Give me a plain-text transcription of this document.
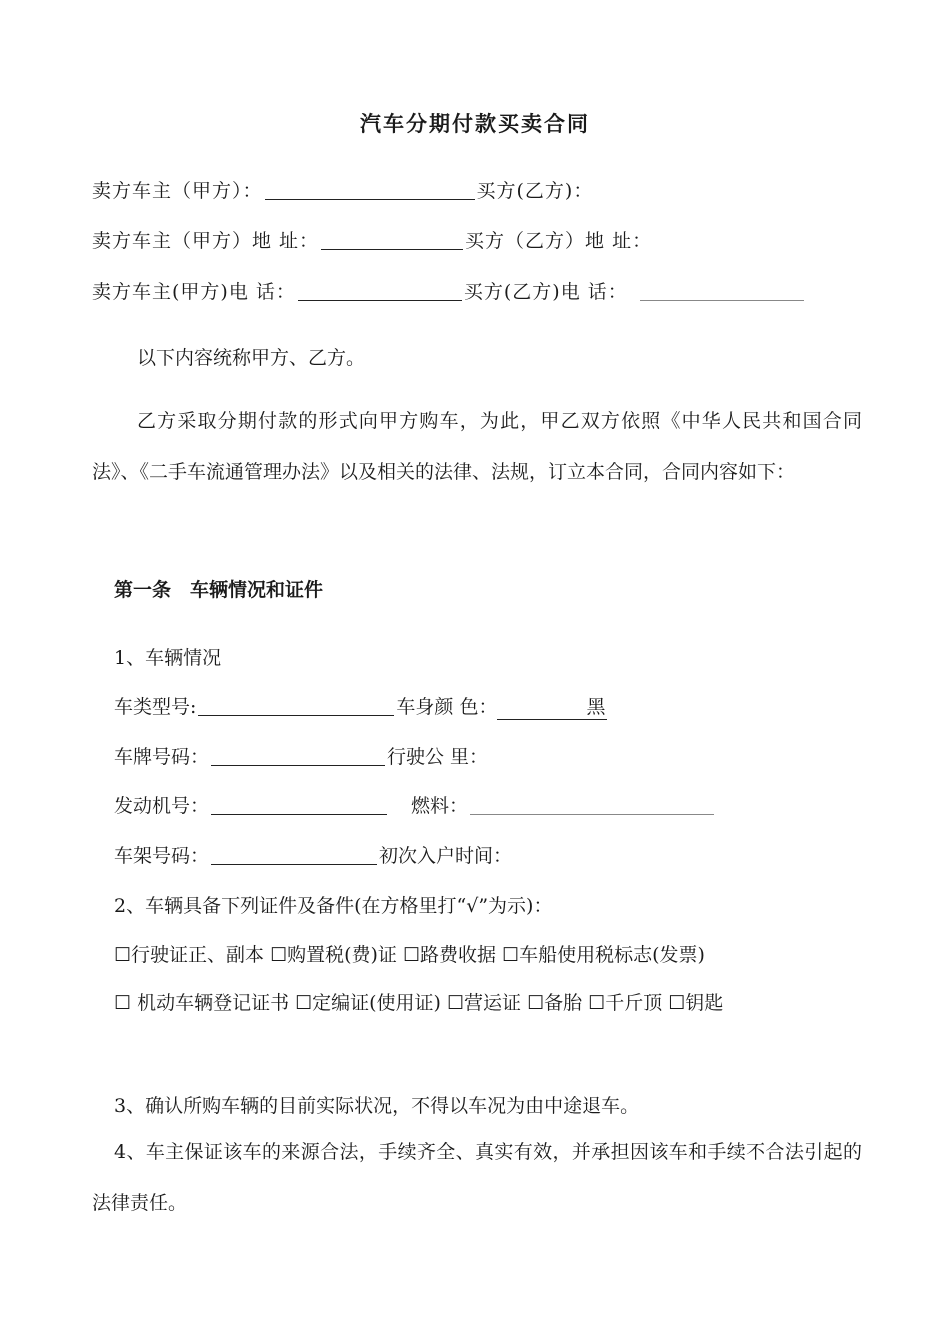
汽车分期付款买卖合同
卖方车主（甲方）：	买方(乙方)：
卖方车主（甲方）地 址：	买方（乙方）地 址：
卖方车主(甲方)电 话：	买方(乙方)电 话：
以下内容统称甲方、乙方。
乙方采取分期付款的形式向甲方购车，为此，甲乙双方依照《中华人民共和国合同法》、《二手车流通管理办法》以及相关的法律、法规，订立本合同，合同内容如下：
第一条　车辆情况和证件
1、车辆情况
车类型号:	车身颜 色：	黑
车牌号码：	行驶公 里：
发动机号：	燃料：
车架号码：	初次入户时间：
2、车辆具备下列证件及备件(在方格里打“√”为示)：
☐行驶证正、副本 ☐购置税(费)证 ☐路费收据 ☐车船使用税标志(发票)
☐ 机动车辆登记证书 ☐定编证(使用证) ☐营运证 ☐备胎 ☐千斤顶 ☐钥匙
3、确认所购车辆的目前实际状况，不得以车况为由中途退车。
4、车主保证该车的来源合法，手续齐全、真实有效，并承担因该车和手续不合法引起的法律责任。
